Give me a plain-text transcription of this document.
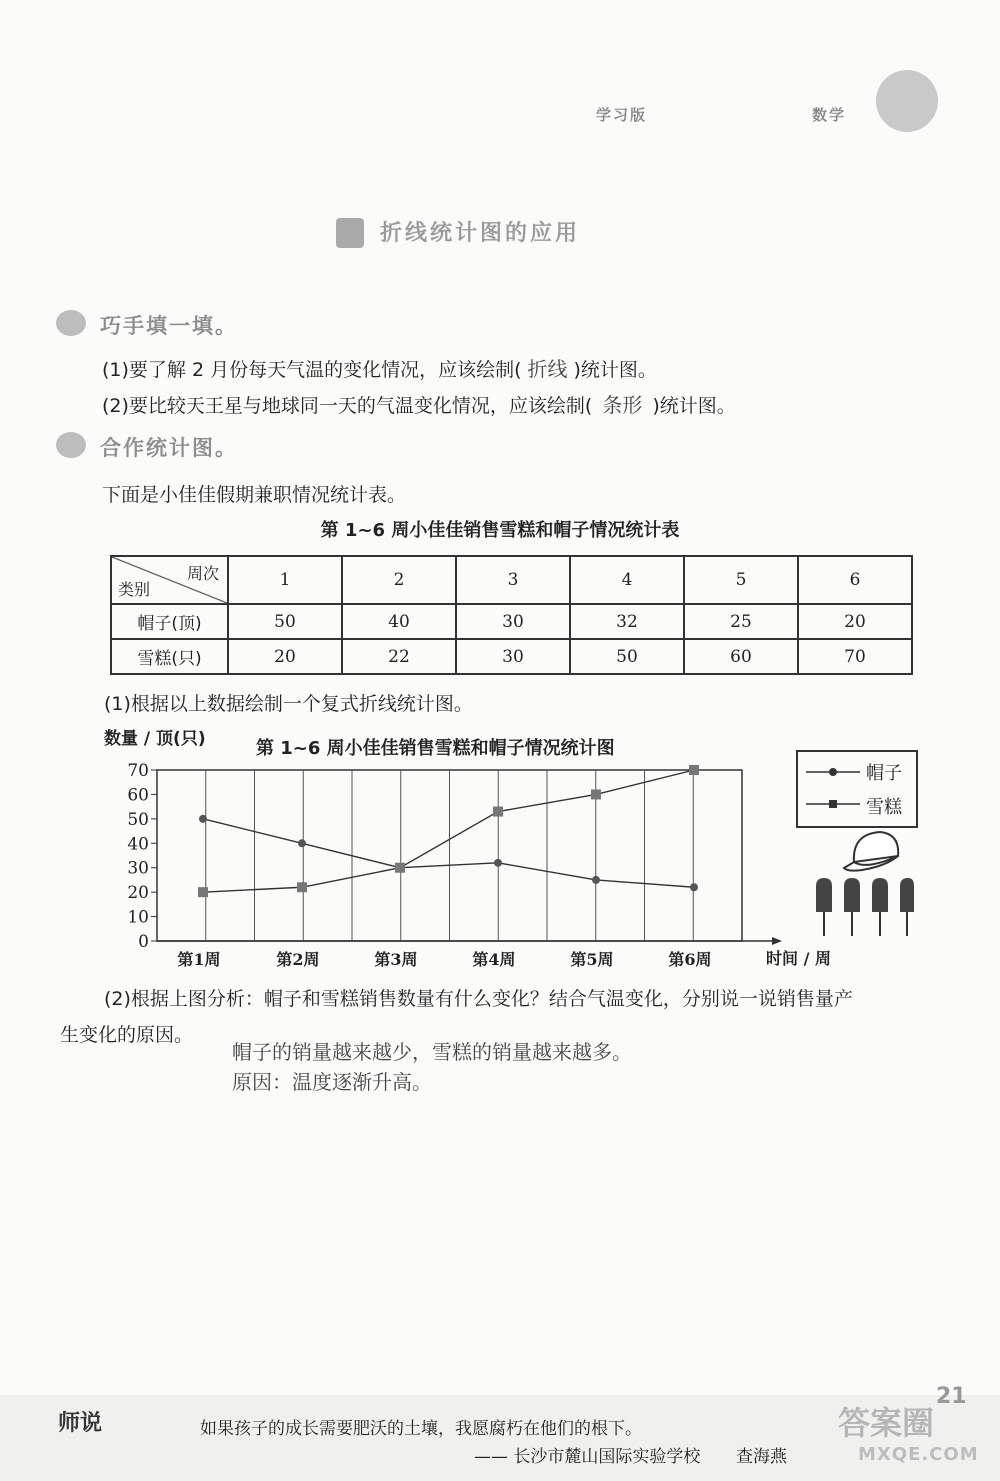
学习版	数学
折线统计图的应用
巧手填一填。
(1)要了解 2 月份每天气温的变化情况，应该绘制( 折线 )统计图。
(2)要比较天王星与地球同一天的气温变化情况，应该绘制( 条形 )统计图。
合作统计图。
下面是小佳佳假期兼职情况统计表。
第 1~6 周小佳佳销售雪糕和帽子情况统计表
周次
类别	1	2	3	4	5	6
帽子(顶)	50	40	30	32	25	20
雪糕(只)	20	22	30	50	60	70
(1)根据以上数据绘制一个复式折线统计图。
数量 / 顶(只)	第 1~6 周小佳佳销售雪糕和帽子情况统计图
时间 / 周
0
10
20
30
40
50
60
70
第1周	第2周	第3周	第4周	第5周	第6周
帽子
雪糕
(2)根据上图分析：帽子和雪糕销售数量有什么变化？结合气温变化，分别说一说销售量产
生变化的原因。
帽子的销量越来越少，雪糕的销量越来越多。
原因：温度逐渐升高。
师说	如果孩子的成长需要肥沃的土壤，我愿腐朽在他们的根下。
—— 长沙市麓山国际实验学校 查海燕
21
答案圈
MXQE.COM
